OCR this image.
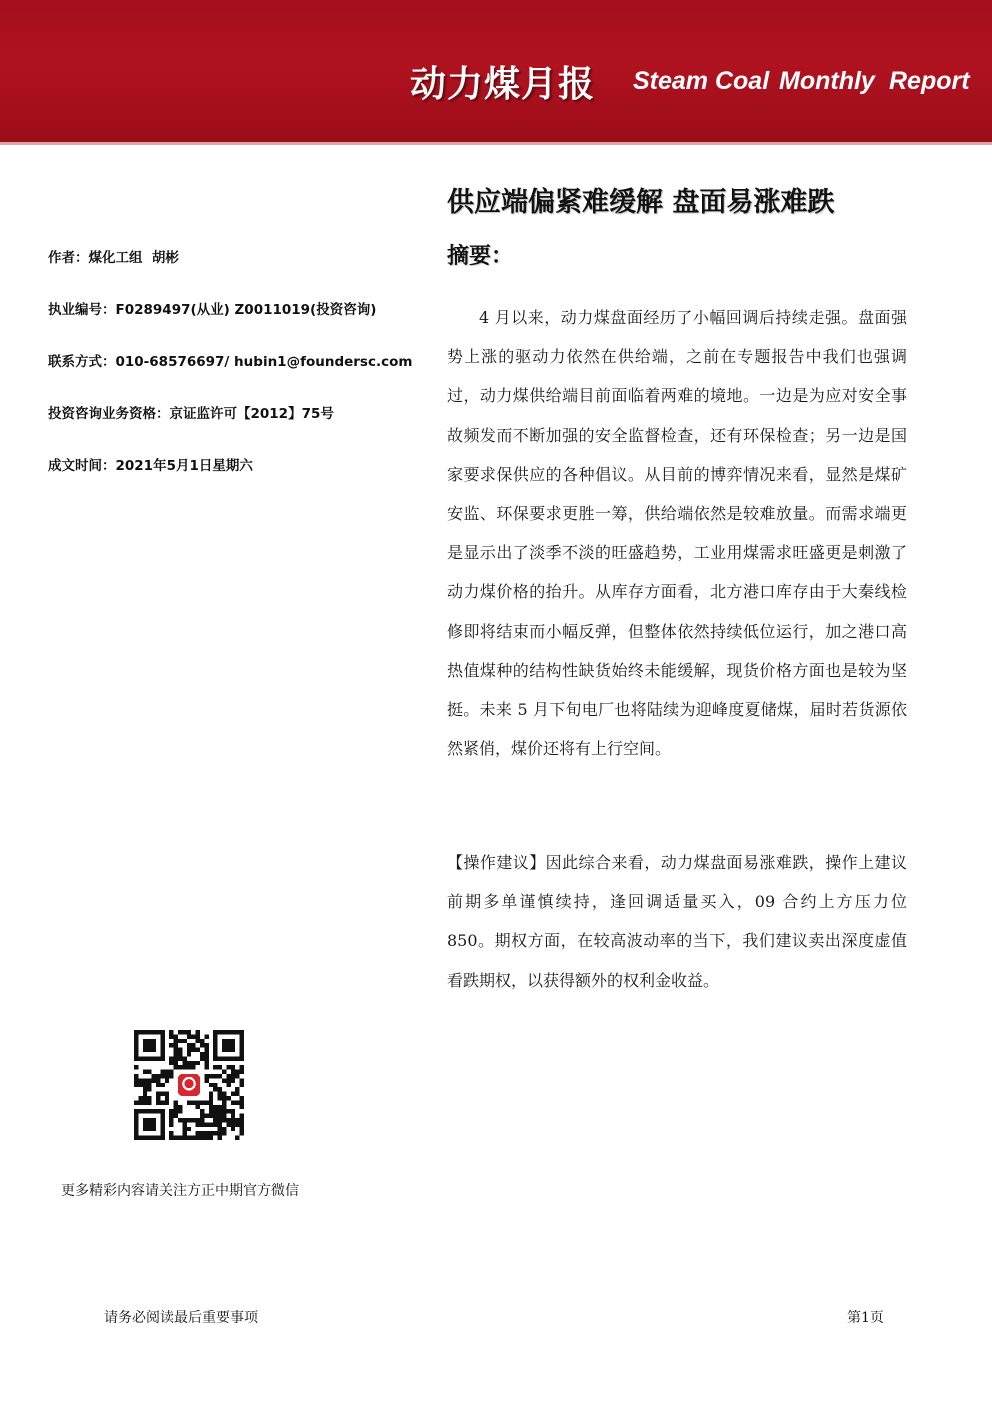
动力煤月报 Steam Coal Monthly Report
供应端偏紧难缓解 盘面易涨难跌
摘要：
作者：煤化工组  胡彬
执业编号：F0289497(从业) Z0011019(投资咨询)
联系方式：010-68576697/ hubin1@foundersc.com
投资咨询业务资格：京证监许可【2012】75号
成文时间：2021年5月1日星期六
4 月以来，动力煤盘面经历了小幅回调后持续走强。盘面强势上涨的驱动力依然在供给端，之前在专题报告中我们也强调过，动力煤供给端目前面临着两难的境地。一边是为应对安全事故频发而不断加强的安全监督检查，还有环保检查；另一边是国家要求保供应的各种倡议。从目前的博弈情况来看，显然是煤矿安监、环保要求更胜一筹，供给端依然是较难放量。而需求端更是显示出了淡季不淡的旺盛趋势，工业用煤需求旺盛更是刺激了动力煤价格的抬升。从库存方面看，北方港口库存由于大秦线检修即将结束而小幅反弹，但整体依然持续低位运行，加之港口高热值煤种的结构性缺货始终未能缓解，现货价格方面也是较为坚挺。未来 5 月下旬电厂也将陆续为迎峰度夏储煤，届时若货源依然紧俏，煤价还将有上行空间。
【操作建议】因此综合来看，动力煤盘面易涨难跌，操作上建议前期多单谨慎续持，逢回调适量买入，09 合约上方压力位 850。期权方面，在较高波动率的当下，我们建议卖出深度虚值看跌期权，以获得额外的权利金收益。
更多精彩内容请关注方正中期官方微信
请务必阅读最后重要事项	第1页
